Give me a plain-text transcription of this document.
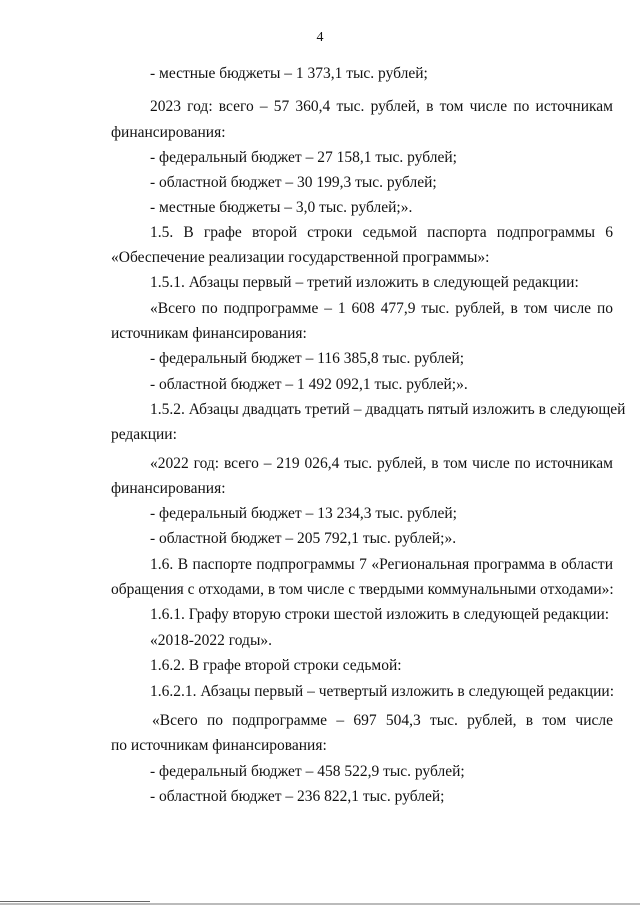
4
- местные бюджеты – 1 373,1 тыс. рублей;
2023 год: всего – 57 360,4 тыс. рублей, в том числе по источникам
финансирования:
- федеральный бюджет – 27 158,1 тыс. рублей;
- областной бюджет – 30 199,3 тыс. рублей;
- местные бюджеты – 3,0 тыс. рублей;».
1.5. В графе второй строки седьмой паспорта подпрограммы 6
«Обеспечение реализации государственной программы»:
1.5.1. Абзацы первый – третий изложить в следующей редакции:
«Всего по подпрограмме – 1 608 477,9 тыс. рублей, в том числе по
источникам финансирования:
- федеральный бюджет – 116 385,8 тыс. рублей;
- областной бюджет – 1 492 092,1 тыс. рублей;».
1.5.2. Абзацы двадцать третий – двадцать пятый изложить в следующей
редакции:
«2022 год: всего – 219 026,4 тыс. рублей, в том числе по источникам
финансирования:
- федеральный бюджет – 13 234,3 тыс. рублей;
- областной бюджет – 205 792,1 тыс. рублей;».
1.6. В паспорте подпрограммы 7 «Региональная программа в области
обращения с отходами, в том числе с твердыми коммунальными отходами»:
1.6.1. Графу вторую строки шестой изложить в следующей редакции:
«2018-2022 годы».
1.6.2. В графе второй строки седьмой:
1.6.2.1. Абзацы первый – четвертый изложить в следующей редакции:
«Всего по подпрограмме – 697 504,3 тыс. рублей, в том числе
по источникам финансирования:
- федеральный бюджет – 458 522,9 тыс. рублей;
- областной бюджет – 236 822,1 тыс. рублей;
